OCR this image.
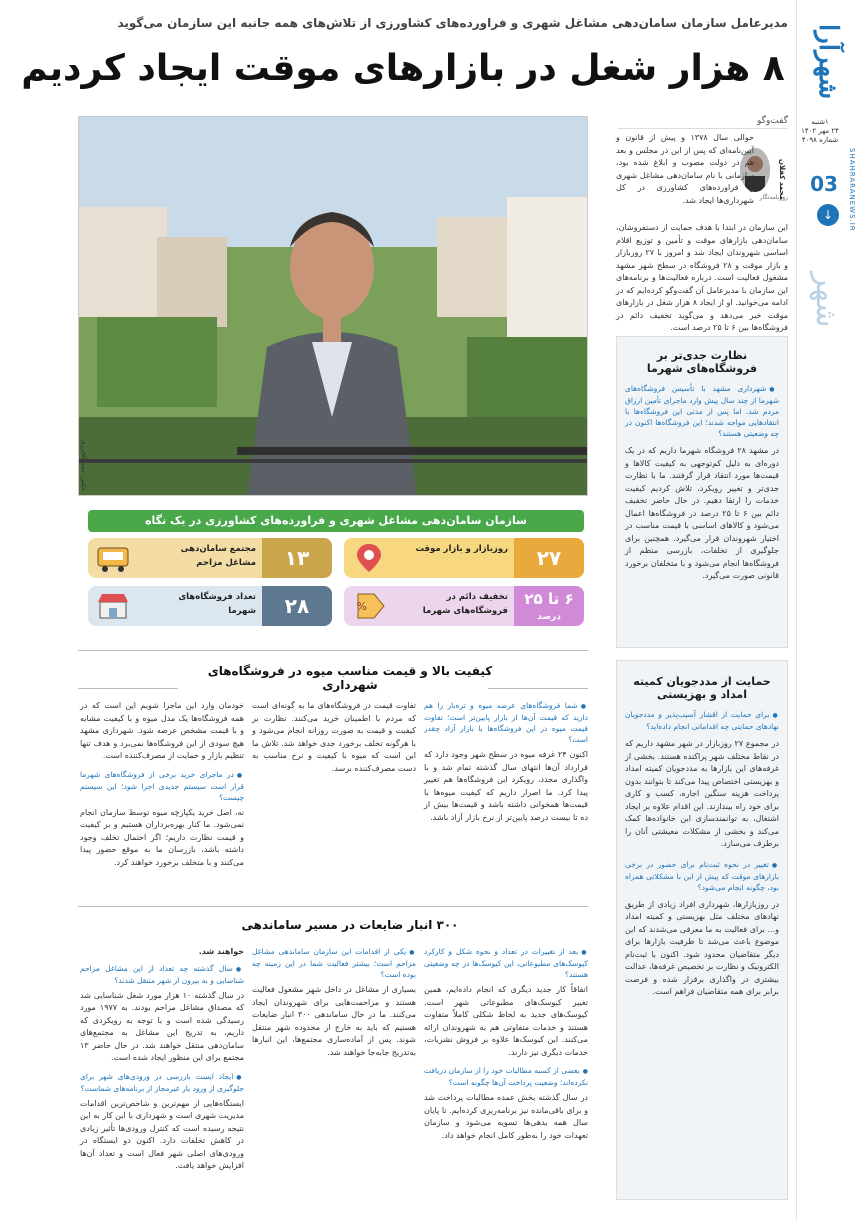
شهرآرا
SHAHRARANEWS.IR
۱شنبه
۲۴ مهر ۱۴۰۲
شماره ۴۰۹۸
03
↓
شهر
مدیرعامل سازمان سامان‌دهی مشاغل شهری و فراورده‌های کشاورزی از تلاش‌های همه جانبه این سازمان می‌گوید
۸ هزار شغل در بازارهای موقت ایجاد کردیم
عکس: مجید آقابرزی
گفت‌وگو
محمد کفلان
روزنامه‌نگار
حوالی سال ۱۳۷۸ و پیش از قانون و آیین‌نامه‌ای که پس از این در مجلس و بعد هم در دولت مصوب و ابلاغ شده بود، سازمانی با نام سامان‌دهی مشاغل شهری و فراورده‌های کشاورزی در کل شهرداری‌ها ایجاد شد.
این سازمان در ابتدا با هدف حمایت از دستفروشان، سامان‌دهی بازارهای موقت و تأمین و توزیع اقلام اساسی شهروندان ایجاد شد و امروز با ۲۷ روزبازار و بازار موقت و ۲۸ فروشگاه در سطح شهر مشهد مشغول فعالیت است. درباره فعالیت‌ها و برنامه‌های این سازمان با مدیرعامل آن گفت‌وگو کرده‌ایم که در ادامه می‌خوانید. او از ایجاد ۸ هزار شغل در بازارهای موقت خبر می‌دهد و می‌گوید تخفیف دائم در فروشگاه‌ها بین ۶ تا ۲۵ درصد است.
نظارت جدی‌تر بر فروشگاه‌های شهرما
● شهرداری مشهد با تأسیس فروشگاه‌های شهرما از چند سال پیش وارد ماجرای تأمین ارزاق مردم شد. اما پس از مدتی این فروشگاه‌ها با انتقادهایی مواجه شدند؛ این فروشگاه‌ها اکنون در چه وضعیتی هستند؟
در مشهد ۲۸ فروشگاه شهرما داریم که در یک دوره‌ای به دلیل کم‌توجهی به کیفیت کالاها و قیمت‌ها مورد انتقاد قرار گرفتند. ما با نظارت جدی‌تر و تغییر رویکرد، تلاش کردیم کیفیت خدمات را ارتقا دهیم. در حال حاضر تخفیف دائم بین ۶ تا ۲۵ درصد در فروشگاه‌ها اعمال می‌شود و کالاهای اساسی با قیمت مناسب در اختیار شهروندان قرار می‌گیرد. همچنین برای جلوگیری از تخلفات، بازرسی منظم از فروشگاه‌ها انجام می‌شود و با متخلفان برخورد قانونی صورت می‌گیرد.
حمایت از مددجویان کمیته امداد و بهزیستی
● برای حمایت از اقشار آسیب‌پذیر و مددجویان نهادهای حمایتی چه اقداماتی انجام داده‌اید؟
در مجموع ۲۷ روزبازار در شهر مشهد داریم که در نقاط مختلف شهر پراکنده هستند. بخشی از غرفه‌های این بازارها به مددجویان کمیته امداد و بهزیستی اختصاص پیدا می‌کند تا بتوانند بدون پرداخت هزینه سنگین اجاره، کسب و کاری برای خود راه بیندازند. این اقدام علاوه بر ایجاد اشتغال، به توانمندسازی این خانواده‌ها کمک می‌کند و بخشی از مشکلات معیشتی آنان را برطرف می‌سازد.
● تغییر در نحوه ثبت‌نام برای حضور در برخی بازارهای موقت که پیش از این با مشکلاتی همراه بود، چگونه انجام می‌شود؟
در روزبازارها، شهرداری افراد زیادی از طریق نهادهای مختلف مثل بهزیستی و کمیته امداد و... برای فعالیت به ما معرفی می‌شدند که این موضوع باعث می‌شد تا ظرفیت بازارها برای دیگر متقاضیان محدود شود. اکنون با ثبت‌نام الکترونیک و نظارت بر تخصیص غرفه‌ها، عدالت بیشتری در واگذاری برقرار شده و فرصت برابر برای همه متقاضیان فراهم است.
سازمان سامان‌دهی مشاغل شهری و فراورده‌های کشاورزی در یک نگاه
۲۷
روزبازار و بازار موقت
۱۳
مجتمع سامان‌دهی مشاغل مزاحم
۶ تا ۲۵
درصد
تخفیف دائم در فروشگاه‌های شهرما
%
۲۸
تعداد فروشگاه‌های شهرما
کیفیت بالا و قیمت مناسب میوه در فروشگاه‌های شهرداری
● شما فروشگاه‌های عرضه میوه و تره‌بار را هم دارید که قیمت آن‌ها از بازار پایین‌تر است؛ تفاوت قیمت میوه در این فروشگاه‌ها با بازار آزاد چقدر است؟
اکنون ۲۴ غرفه میوه در سطح شهر وجود دارد که قرارداد آن‌ها انتهای سال گذشته تمام شد و با واگذاری مجدد، رویکرد این فروشگاه‌ها هم تغییر پیدا کرد. ما اصرار داریم که کیفیت میوه‌ها با قیمت‌ها همخوانی داشته باشد و قیمت‌ها بیش از ده تا بیست درصد پایین‌تر از نرخ بازار آزاد باشد.
تفاوت قیمت در فروشگاه‌های ما به گونه‌ای است که مردم با اطمینان خرید می‌کنند. نظارت بر کیفیت و قیمت به صورت روزانه انجام می‌شود و با هرگونه تخلف برخورد جدی خواهد شد. تلاش ما این است که میوه با کیفیت و نرخ مناسب به دست مصرف‌کننده برسد.
خودمان وارد این ماجرا شویم این است که در همه فروشگاه‌ها یک مدل میوه و با کیفیت مشابه و با قیمت مشخص عرضه شود. شهرداری مشهد هیچ سودی از این فروشگاه‌ها نمی‌برد و هدف تنها تنظیم بازار و حمایت از مصرف‌کننده است.
● در ماجرای خرید برخی از فروشگاه‌های شهرما قرار است سیستم جدیدی اجرا شود؛ این سیستم چیست؟
نه، اصل خرید یکپارچه میوه توسط سازمان انجام نمی‌شود. ما کنار بهره‌برداران هستیم و بر کیفیت و قیمت نظارت داریم؛ اگر احتمال تخلف وجود داشته باشد، بازرسان ما به موقع حضور پیدا می‌کنند و با متخلف برخورد خواهند کرد.
۳۰۰ انبار ضایعات در مسیر ساماندهی
● بعد از تغییرات در تعداد و نحوه شکل و کارکرد کیوسک‌های مطبوعاتی، این کیوسک‌ها در چه وضعیتی هستند؟
اتفاقاً کار جدید دیگری که انجام داده‌ایم، همین تغییر کیوسک‌های مطبوعاتی شهر است. کیوسک‌های جدید به لحاظ شکلی کاملاً متفاوت هستند و خدمات متفاوتی هم به شهروندان ارائه می‌کنند. این کیوسک‌ها علاوه بر فروش نشریات، خدمات دیگری نیز دارند.
● بعضی از کسبه مطالبات خود را از سازمان دریافت نکرده‌اند؛ وضعیت پرداخت آن‌ها چگونه است؟
در سال گذشته بخش عمده مطالبات پرداخت شد و برای باقی‌مانده نیز برنامه‌ریزی کرده‌ایم. تا پایان سال همه بدهی‌ها تسویه می‌شود و سازمان تعهدات خود را به‌طور کامل انجام خواهد داد.
● یکی از اقدامات این سازمان ساماندهی مشاغل مزاحم است؛ بیشتر فعالیت شما در این زمینه چه بوده است؟
بسیاری از مشاغل در داخل شهر مشغول فعالیت هستند و مزاحمت‌هایی برای شهروندان ایجاد می‌کنند. ما در حال ساماندهی ۳۰۰ انبار ضایعات هستیم که باید به خارج از محدوده شهر منتقل شوند. پس از آماده‌سازی مجتمع‌ها، این انبارها به‌تدریج جابه‌جا خواهند شد.
خواهند شد.
● سال گذشته چه تعداد از این مشاغل مزاحم شناسایی و به بیرون از شهر منتقل شدند؟
در سال گذشته ۱۰ هزار مورد شغل شناسایی شد که مصداق مشاغل مزاحم بودند. به ۱۹۷۷ مورد رسیدگی شده است و با توجه به رویکردی که داریم، به تدریج این مشاغل به مجتمع‌های سامان‌دهی منتقل خواهند شد. در حال حاضر ۱۳ مجتمع برای این منظور ایجاد شده است.
● ایجاد ایست‌ بازرسی در ورودی‌های شهر برای جلوگیری از ورود بار غیرمجاز از برنامه‌های شماست؟
ایستگاه‌هایی از مهم‌ترین و شاخص‌ترین اقدامات مدیریت شهری است و شهرداری با این کار به این نتیجه رسیده است که کنترل ورودی‌ها تأثیر زیادی در کاهش تخلفات دارد. اکنون دو ایستگاه در ورودی‌های اصلی شهر فعال است و تعداد آن‌ها افزایش خواهد یافت.
